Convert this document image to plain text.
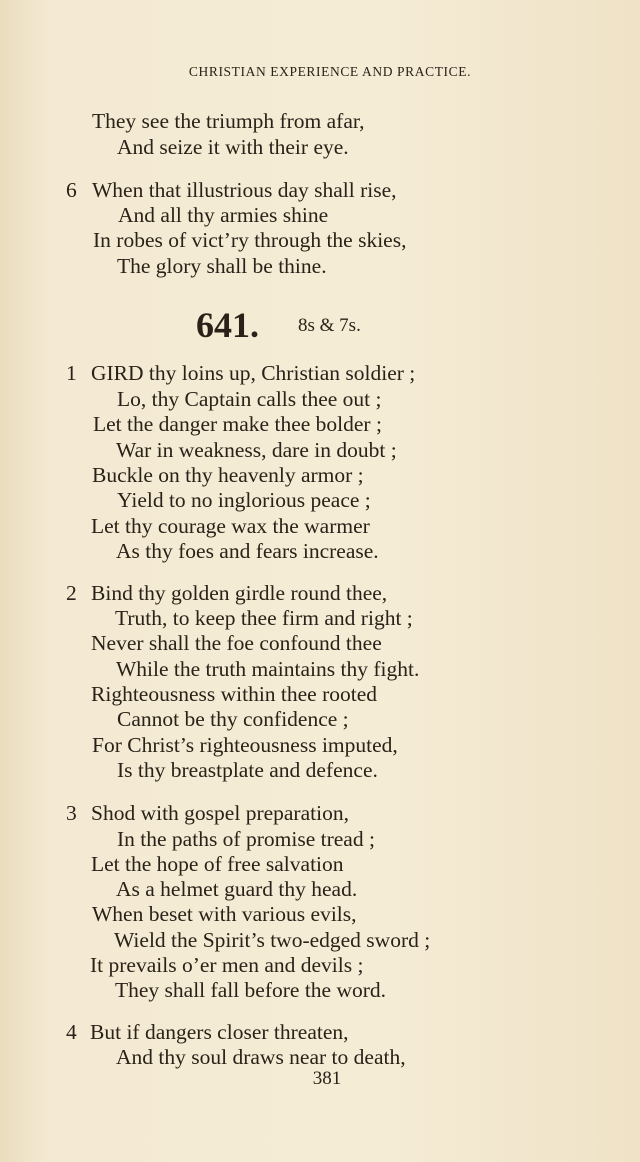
CHRISTIAN EXPERIENCE AND PRACTICE.
They see the triumph from afar,
And seize it with their eye.
6 When that illustrious day shall rise,
And all thy armies shine
In robes of vict’ry through the skies,
The glory shall be thine.
641. 8s & 7s.
1 GIRD thy loins up, Christian soldier ;
Lo, thy Captain calls thee out ;
Let the danger make thee bolder ;
War in weakness, dare in doubt ;
Buckle on thy heavenly armor ;
Yield to no inglorious peace ;
Let thy courage wax the warmer
As thy foes and fears increase.
2 Bind thy golden girdle round thee,
Truth, to keep thee firm and right ;
Never shall the foe confound thee
While the truth maintains thy fight.
Righteousness within thee rooted
Cannot be thy confidence ;
For Christ’s righteousness imputed,
Is thy breastplate and defence.
3 Shod with gospel preparation,
In the paths of promise tread ;
Let the hope of free salvation
As a helmet guard thy head.
When beset with various evils,
Wield the Spirit’s two-edged sword ;
It prevails o’er men and devils ;
They shall fall before the word.
4 But if dangers closer threaten,
And thy soul draws near to death,
381
